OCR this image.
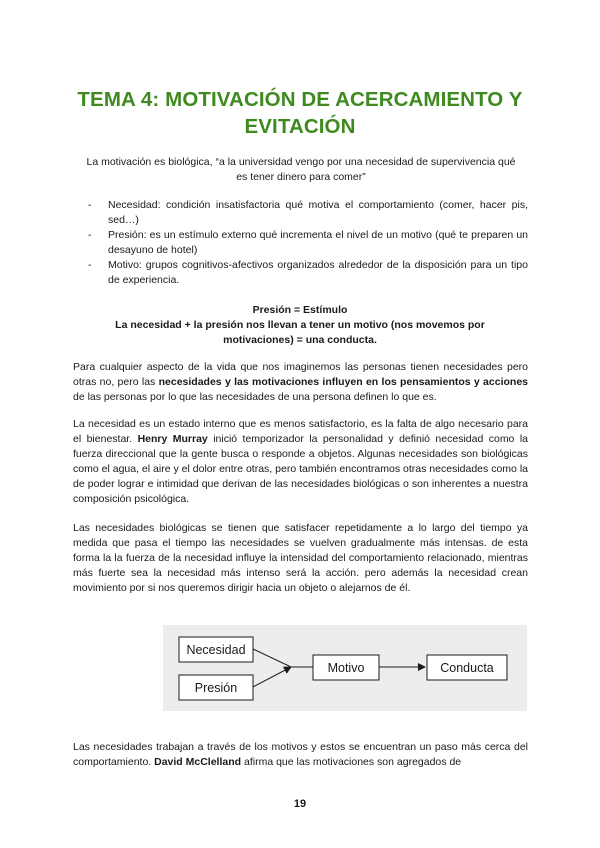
TEMA 4: MOTIVACIÓN DE ACERCAMIENTO Y
EVITACIÓN
La motivación es biológica, “a la universidad vengo por una necesidad de supervivencia qué
es tener dinero para comer”
- Necesidad: condición insatisfactoria qué motiva el comportamiento (comer, hacer pis, sed…)
- Presión: es un estímulo externo qué incrementa el nivel de un motivo (qué te preparen un desayuno de hotel)
- Motivo: grupos cognitivos-afectivos organizados alrededor de la disposición para un tipo de experiencia.
Presión = Estímulo
La necesidad + la presión nos llevan a tener un motivo (nos movemos por
motivaciones) = una conducta.

Para cualquier aspecto de la vida que nos imaginemos las personas tienen necesidades pero otras no, pero las necesidades y las motivaciones influyen en los pensamientos y acciones de las personas por lo que las necesidades de una persona definen lo que es.

La necesidad es un estado interno que es menos satisfactorio, es la falta de algo necesario para el bienestar. Henry Murray inició temporizador la personalidad y definió necesidad como la fuerza direccional que la gente busca o responde a objetos. Algunas necesidades son biológicas como el agua, el aire y el dolor entre otras, pero también encontramos otras necesidades como la de poder lograr e intimidad que derivan de las necesidades biológicas o son inherentes a nuestra composición psicológica.

Las necesidades biológicas se tienen que satisfacer repetidamente a lo largo del tiempo ya medida que pasa el tiempo las necesidades se vuelven gradualmente más intensas. de esta forma la la fuerza de la necesidad influye la intensidad del comportamiento relacionado, mientras más fuerte sea la necesidad más intenso será la acción. pero además la necesidad crean movimiento por si nos queremos dirigir hacia un objeto o alejarnos de él.

Necesidad
Presión
Motivo	Conducta

Las necesidades trabajan a través de los motivos y estos se encuentran un paso más cerca del comportamiento. David McClelland afirma que las motivaciones son agregados de

19
